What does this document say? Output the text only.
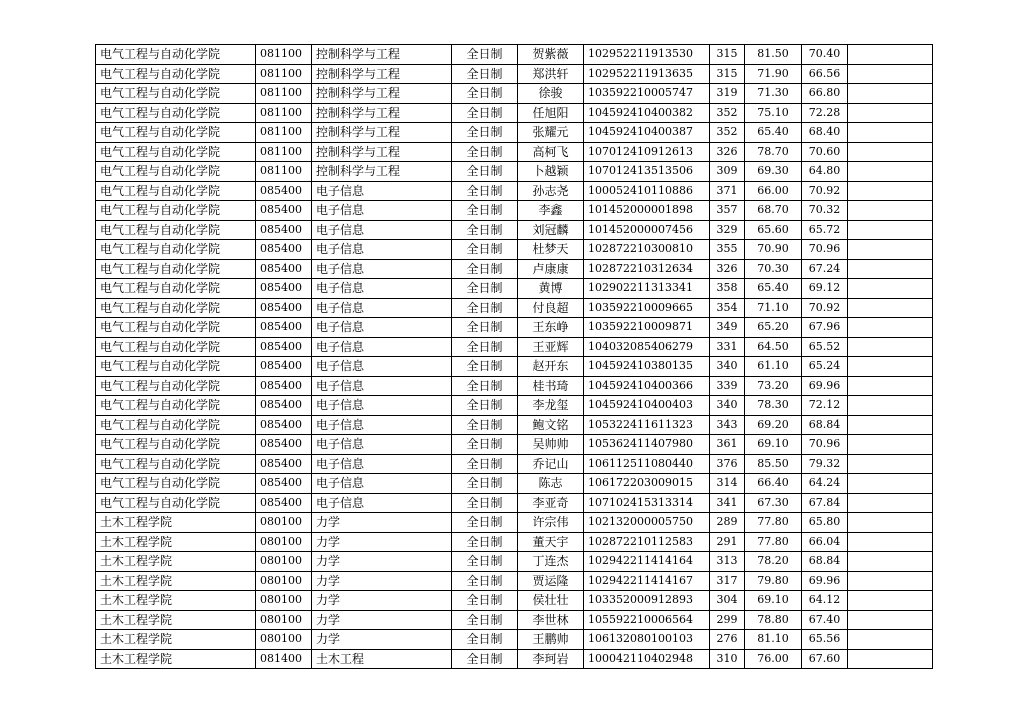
电气工程与自动化学院	081100	控制科学与工程	全日制	贺紫薇	102952211913530	315	81.50	70.40	
电气工程与自动化学院	081100	控制科学与工程	全日制	郑洪轩	102952211913635	315	71.90	66.56	
电气工程与自动化学院	081100	控制科学与工程	全日制	徐骏	103592210005747	319	71.30	66.80	
电气工程与自动化学院	081100	控制科学与工程	全日制	任旭阳	104592410400382	352	75.10	72.28	
电气工程与自动化学院	081100	控制科学与工程	全日制	张耀元	104592410400387	352	65.40	68.40	
电气工程与自动化学院	081100	控制科学与工程	全日制	高柯飞	107012410912613	326	78.70	70.60	
电气工程与自动化学院	081100	控制科学与工程	全日制	卜越颖	107012413513506	309	69.30	64.80	
电气工程与自动化学院	085400	电子信息	全日制	孙志尧	100052410110886	371	66.00	70.92	
电气工程与自动化学院	085400	电子信息	全日制	李鑫	101452000001898	357	68.70	70.32	
电气工程与自动化学院	085400	电子信息	全日制	刘冠麟	101452000007456	329	65.60	65.72	
电气工程与自动化学院	085400	电子信息	全日制	杜梦天	102872210300810	355	70.90	70.96	
电气工程与自动化学院	085400	电子信息	全日制	卢康康	102872210312634	326	70.30	67.24	
电气工程与自动化学院	085400	电子信息	全日制	黄博	102902211313341	358	65.40	69.12	
电气工程与自动化学院	085400	电子信息	全日制	付良超	103592210009665	354	71.10	70.92	
电气工程与自动化学院	085400	电子信息	全日制	王东峥	103592210009871	349	65.20	67.96	
电气工程与自动化学院	085400	电子信息	全日制	王亚辉	104032085406279	331	64.50	65.52	
电气工程与自动化学院	085400	电子信息	全日制	赵开东	104592410380135	340	61.10	65.24	
电气工程与自动化学院	085400	电子信息	全日制	桂书琦	104592410400366	339	73.20	69.96	
电气工程与自动化学院	085400	电子信息	全日制	李龙玺	104592410400403	340	78.30	72.12	
电气工程与自动化学院	085400	电子信息	全日制	鲍文铭	105322411611323	343	69.20	68.84	
电气工程与自动化学院	085400	电子信息	全日制	吴帅帅	105362411407980	361	69.10	70.96	
电气工程与自动化学院	085400	电子信息	全日制	乔记山	106112511080440	376	85.50	79.32	
电气工程与自动化学院	085400	电子信息	全日制	陈志	106172203009015	314	66.40	64.24	
电气工程与自动化学院	085400	电子信息	全日制	李亚奇	107102415313314	341	67.30	67.84	
土木工程学院	080100	力学	全日制	许宗伟	102132000005750	289	77.80	65.80	
土木工程学院	080100	力学	全日制	董天宇	102872210112583	291	77.80	66.04	
土木工程学院	080100	力学	全日制	丁连杰	102942211414164	313	78.20	68.84	
土木工程学院	080100	力学	全日制	贾运隆	102942211414167	317	79.80	69.96	
土木工程学院	080100	力学	全日制	侯壮壮	103352000912893	304	69.10	64.12	
土木工程学院	080100	力学	全日制	李世林	105592210006564	299	78.80	67.40	
土木工程学院	080100	力学	全日制	王鹏帅	106132080100103	276	81.10	65.56	
土木工程学院	081400	土木工程	全日制	李珂岩	100042110402948	310	76.00	67.60	
